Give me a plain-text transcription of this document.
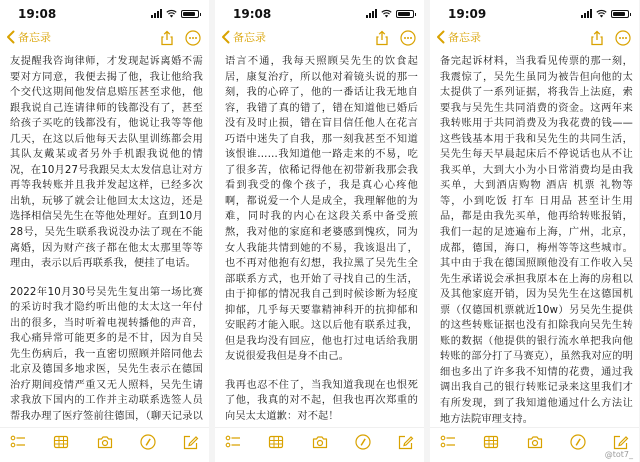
19:08
备忘录

友提醒我咨询律师，才发现起诉离婚不需要对方同意，我便去揭了他，我让他给我个交代这期间他发信息赔压甚至求他，他跟我说自己连请律师的钱都没有了，甚至给孩子买吃的钱都没有，他说让我等等他几天，在这以后他每天去队里训练都会用其队友戴某或者另外手机跟我说他的情况，在10月27号我跟吴太太发信息让对方再等我转账并且我并发起这样，已经多次出轨，玩够了就会让他回太太这边，还是选择相信吴先生在等他处理好。直到10月28号，吴先生联系我说没办法了现在不能离婚，因为财产孩子都在他太太那里等等理由，表示以后再联系我，便挂了电话。

2022年10月30号吴先生复出第一场比赛的采访时我才隐约听出他的太太这一年付出的很多，当时听着电视转播他的声音，我心痛异常可能更多的是不甘，因为自吴先生伤病后，我一直密切照顾并陪同他去北京及德国多地求医，吴先生表示在德国治疗期间疫情严重又无人照料，吴先生请求我放下国内的工作并主动联系选签人员帮我办理了医疗签前往德国，（聊天记录以

19:08
备忘录

语言不通，我每天照顾吴先生的饮食起居，康复治疗，所以他对着镜头说的那一刻，我的心碎了，他的一番话让我无地自容，我错了真的错了，错在知道他已婚后没有及时止损，错在盲目信任他人在花言巧语中迷失了自我，那一刻我甚至不知道该恨谁……我知道他一路走来的不易，吃了很多苦，依稀记得他在初带新我那会我看到我受的像个孩子，我是真心心疼他啊，都说爱一个人是成全，我理解他的为难，同时我的内心在这段关系中备受煎熬，我对他的家庭和老婆感到愧疚，同为女人我能共情到她的不易，我该退出了，也不再对他抱有幻想，我拉黑了吴先生全部联系方式，也开始了寻找自己的生活，由于抑郁的情况我自己到时候诊断为轻度抑郁，几乎每天要靠精神科开的抗抑郁和安眠药才能入眠。这以后他有联系过我，但是我均没有回应，他也打过电话给我朋友说很爱我但是身不由己。

我再也忍不住了，当我知道我现在也恨死了他，我真的对不起，但我也再次郑重的向吴太太道歉：对不起！

19:09
备忘录

备完起诉材料，当我看见传票的那一刻，我震惊了，吴先生虽同为被告但向他的太太提供了一系列证据，将我告上法庭，索要我与吴先生共同消费的资金。这两年来我转账用于共同消费及为我花费的钱——这些钱基本用于我和吴先生的共同生活，吴先生每天早晨起床后不停说话也从不让我买单，大到大小为小日常消费均是由我买单，大到酒店购物 酒店 机票 礼物等等，小到吃饭 打车 日用品 甚至计生用品，都是由我先买单，他再给转账报销，我们一起的足迹遍布上海，广州，北京，成都，德国，海口，梅州等等这些城市。其中由于我在德国照顾他没有工作收入吴先生承诺说会承担我原本在上海的房租以及其他家庭开销，因为吴先生在这德国机票（仅德国机票就近10w）另吴先生提供的这些转账证据也没有扣除我向吴先生转账的数据（他提供的银行流水单把我向他转账的部分打了马赛克），虽然我对应的明细也多出了许多我不知情的花费，通过我调出我自己的银行转账记录来这里我们才有所发现，到了我知道他通过什么方法让地方法院审理支持。

@tot7_
